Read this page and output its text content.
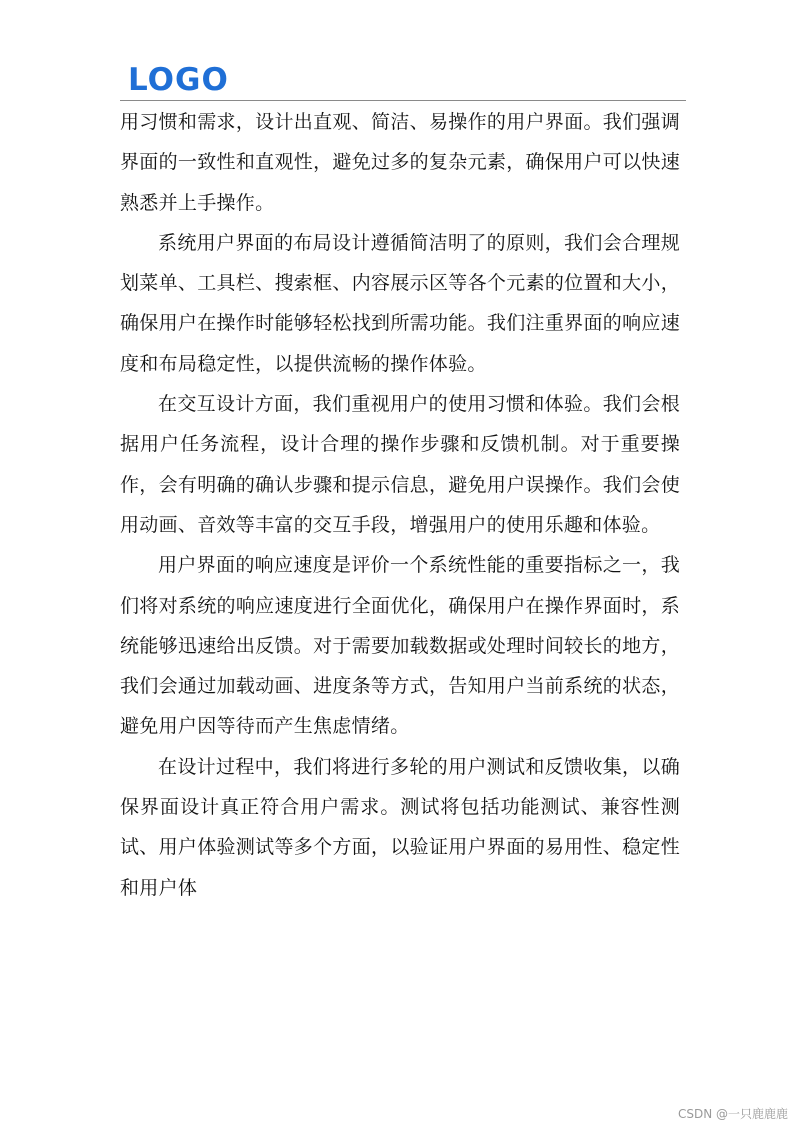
LOGO

用习惯和需求，设计出直观、简洁、易操作的用户界面。我们强调界面的一致性和直观性，避免过多的复杂元素，确保用户可以快速熟悉并上手操作。

系统用户界面的布局设计遵循简洁明了的原则，我们会合理规划菜单、工具栏、搜索框、内容展示区等各个元素的位置和大小，确保用户在操作时能够轻松找到所需功能。我们注重界面的响应速度和布局稳定性，以提供流畅的操作体验。

在交互设计方面，我们重视用户的使用习惯和体验。我们会根据用户任务流程，设计合理的操作步骤和反馈机制。对于重要操作，会有明确的确认步骤和提示信息，避免用户误操作。我们会使用动画、音效等丰富的交互手段，增强用户的使用乐趣和体验。

用户界面的响应速度是评价一个系统性能的重要指标之一，我们将对系统的响应速度进行全面优化，确保用户在操作界面时，系统能够迅速给出反馈。对于需要加载数据或处理时间较长的地方，我们会通过加载动画、进度条等方式，告知用户当前系统的状态，避免用户因等待而产生焦虑情绪。

在设计过程中，我们将进行多轮的用户测试和反馈收集，以确保界面设计真正符合用户需求。测试将包括功能测试、兼容性测试、用户体验测试等多个方面，以验证用户界面的易用性、稳定性和用户体

CSDN @一只鹿鹿鹿
